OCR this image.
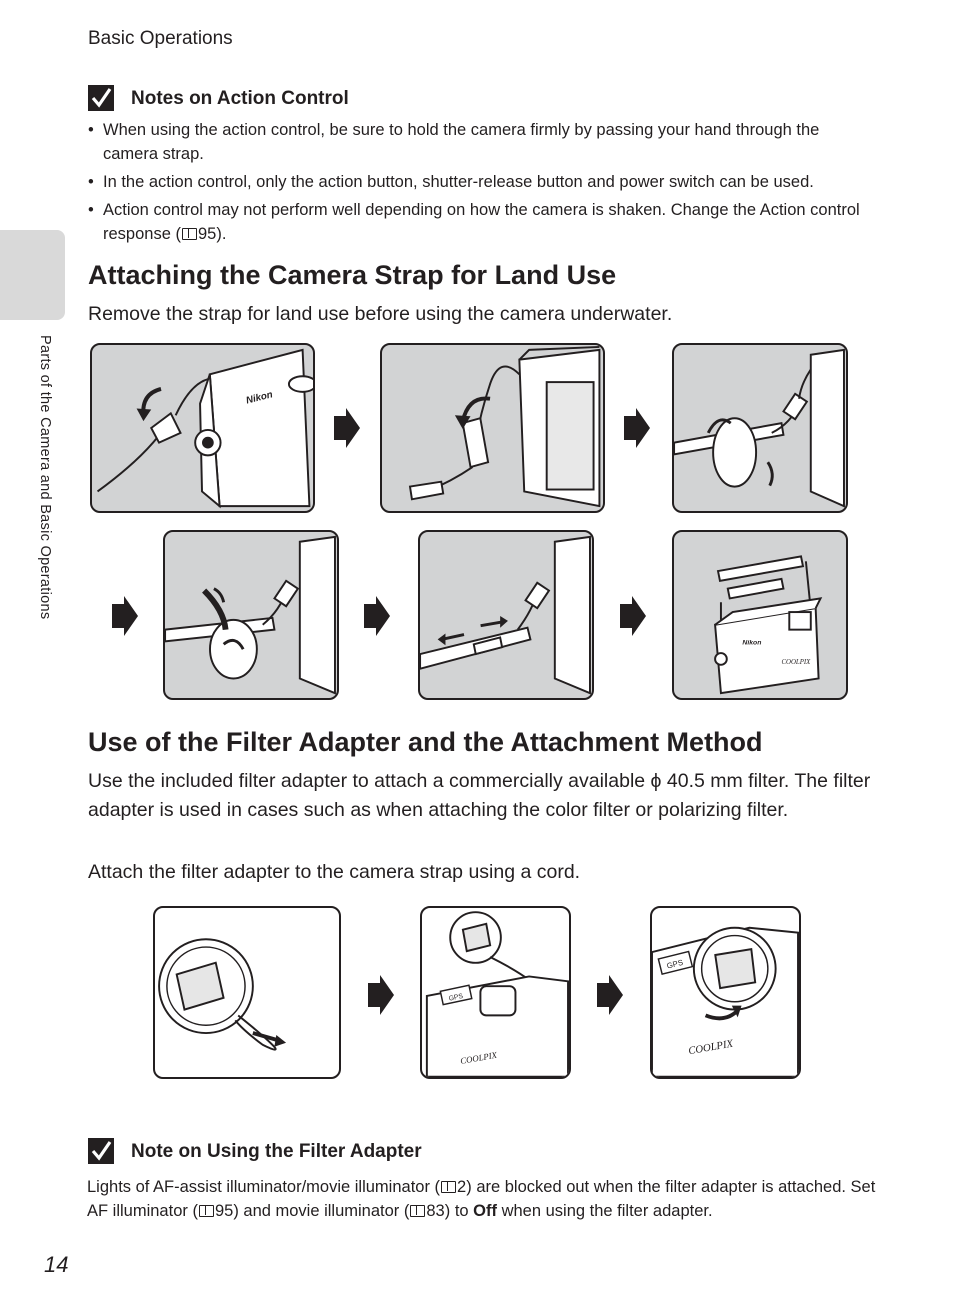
Basic Operations
Parts of the Camera and Basic Operations
Notes on Action Control
• When using the action control, be sure to hold the camera firmly by passing your hand through the camera strap.
• In the action control, only the action button, shutter-release button and power switch can be used.
• Action control may not perform well depending on how the camera is shaken. Change the Action control response ( 95).
Attaching the Camera Strap for Land Use
Remove the strap for land use before using the camera underwater.
Nikon
Nikon
COOLPIX
Use of the Filter Adapter and the Attachment Method
Use the included filter adapter to attach a commercially available ϕ 40.5 mm filter. The filter adapter is used in cases such as when attaching the color filter or polarizing filter.
Attach the filter adapter to the camera strap using a cord.
GPS
COOLPIX
GPS
COOLPIX
Note on Using the Filter Adapter
Lights of AF-assist illuminator/movie illuminator ( 2) are blocked out when the filter adapter is attached. Set AF illuminator ( 95) and movie illuminator ( 83) to Off when using the filter adapter.
14
